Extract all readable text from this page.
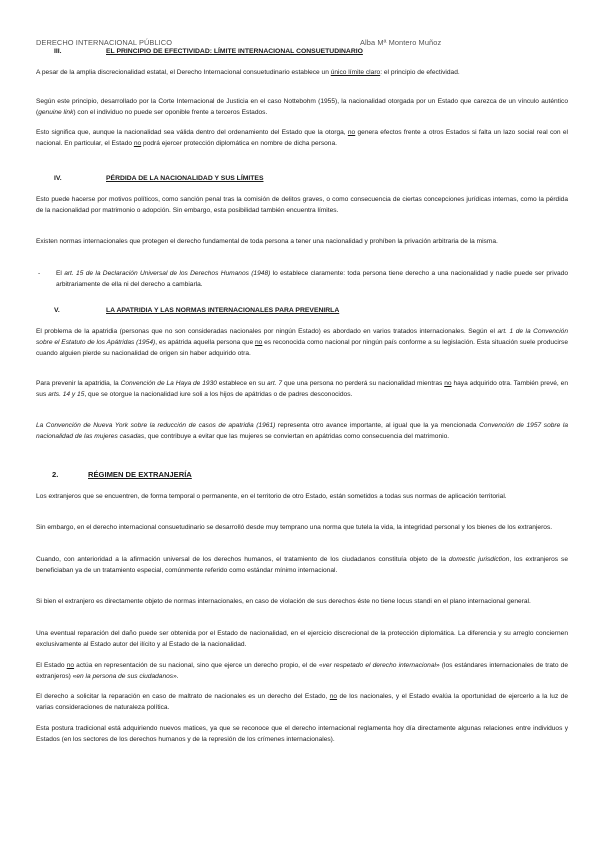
DERECHO INTERNACIONAL PÚBLICO	Alba Mª Montero Muñoz
III.	EL PRINCIPIO DE EFECTIVIDAD: LÍMITE INTERNACIONAL CONSUETUDINARIO
A pesar de la amplia discrecionalidad estatal, el Derecho Internacional consuetudinario establece un único límite claro: el principio de efectividad.
Según este principio, desarrollado por la Corte Internacional de Justicia en el caso Nottebohm (1955), la nacionalidad otorgada por un Estado que carezca de un vínculo auténtico (genuine link) con el individuo no puede ser oponible frente a terceros Estados.
Esto significa que, aunque la nacionalidad sea válida dentro del ordenamiento del Estado que la otorga, no genera efectos frente a otros Estados si falta un lazo social real con el nacional. En particular, el Estado no podrá ejercer protección diplomática en nombre de dicha persona.
IV.	PÉRDIDA DE LA NACIONALIDAD Y SUS LÍMITES
Esto puede hacerse por motivos políticos, como sanción penal tras la comisión de delitos graves, o como consecuencia de ciertas concepciones jurídicas internas, como la pérdida de la nacionalidad por matrimonio o adopción. Sin embargo, esta posibilidad también encuentra límites.
Existen normas internacionales que protegen el derecho fundamental de toda persona a tener una nacionalidad y prohíben la privación arbitraria de la misma.
- El art. 15 de la Declaración Universal de los Derechos Humanos (1948) lo establece claramente: toda persona tiene derecho a una nacionalidad y nadie puede ser privado arbitrariamente de ella ni del derecho a cambiarla.
V.	LA APATRIDIA Y LAS NORMAS INTERNACIONALES PARA PREVENIRLA
El problema de la apatridia (personas que no son consideradas nacionales por ningún Estado) es abordado en varios tratados internacionales. Según el art. 1 de la Convención sobre el Estatuto de los Apátridas (1954), es apátrida aquella persona que no es reconocida como nacional por ningún país conforme a su legislación. Esta situación suele producirse cuando alguien pierde su nacionalidad de origen sin haber adquirido otra.
Para prevenir la apatridia, la Convención de La Haya de 1930 establece en su art. 7 que una persona no perderá su nacionalidad mientras no haya adquirido otra. También prevé, en sus arts. 14 y 15, que se otorgue la nacionalidad iure soli a los hijos de apátridas o de padres desconocidos.
La Convención de Nueva York sobre la reducción de casos de apatridia (1961) representa otro avance importante, al igual que la ya mencionada Convención de 1957 sobre la nacionalidad de las mujeres casadas, que contribuye a evitar que las mujeres se conviertan en apátridas como consecuencia del matrimonio.
2.	RÉGIMEN DE EXTRANJERÍA
Los extranjeros que se encuentren, de forma temporal o permanente, en el territorio de otro Estado, están sometidos a todas sus normas de aplicación territorial.
Sin embargo, en el derecho internacional consuetudinario se desarrolló desde muy temprano una norma que tutela la vida, la integridad personal y los bienes de los extranjeros.
Cuando, con anterioridad a la afirmación universal de los derechos humanos, el tratamiento de los ciudadanos constituía objeto de la domestic jurisdiction, los extranjeros se beneficiaban ya de un tratamiento especial, comúnmente referido como estándar mínimo internacional.
Si bien el extranjero es directamente objeto de normas internacionales, en caso de violación de sus derechos éste no tiene locus standi en el plano internacional general.
Una eventual reparación del daño puede ser obtenida por el Estado de nacionalidad, en el ejercicio discrecional de la protección diplomática. La diferencia y su arreglo conciernen exclusivamente al Estado autor del ilícito y al Estado de la nacionalidad.
El Estado no actúa en representación de su nacional, sino que ejerce un derecho propio, el de «ver respetado el derecho internacional» (los estándares internacionales de trato de extranjeros) «en la persona de sus ciudadanos».
El derecho a solicitar la reparación en caso de maltrato de nacionales es un derecho del Estado, no de los nacionales, y el Estado evalúa la oportunidad de ejercerlo a la luz de varias consideraciones de naturaleza política.
Esta postura tradicional está adquiriendo nuevos matices, ya que se reconoce que el derecho internacional reglamenta hoy día directamente algunas relaciones entre individuos y Estados (en los sectores de los derechos humanos y de la represión de los crímenes internacionales).
